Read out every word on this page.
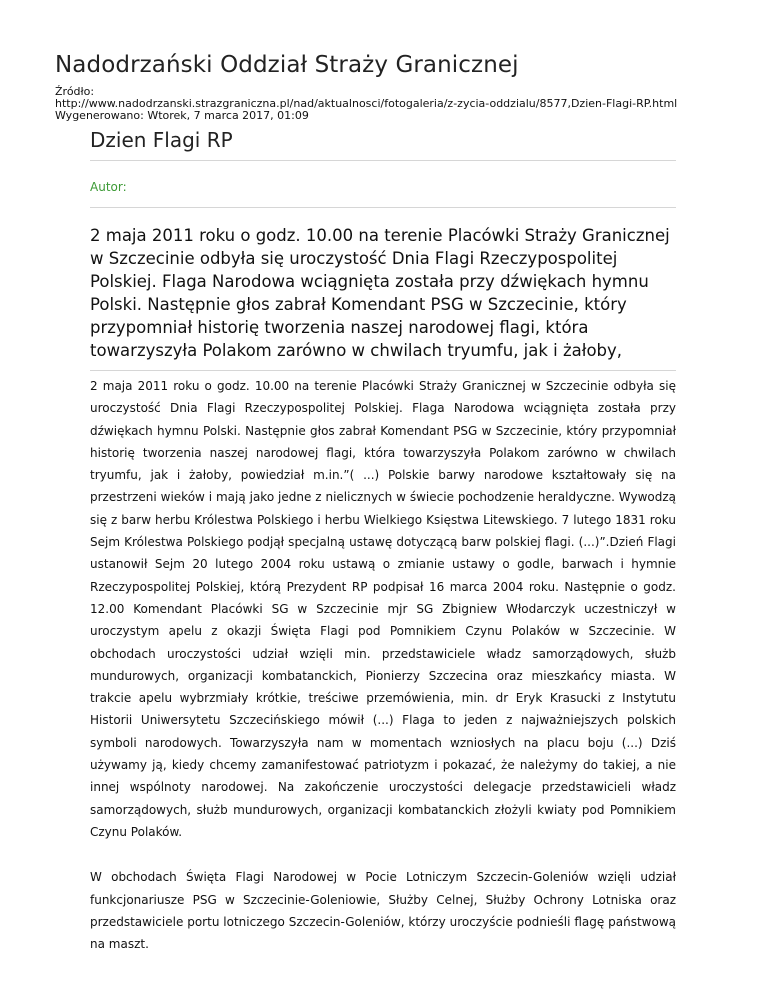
Nadodrzański Oddział Straży Granicznej
Źródło:
http://www.nadodrzanski.strazgraniczna.pl/nad/aktualnosci/fotogaleria/z-zycia-oddzialu/8577,Dzien-Flagi-RP.html
Wygenerowano: Wtorek, 7 marca 2017, 01:09
Dzien Flagi RP
Autor:
2 maja 2011 roku o godz. 10.00 na terenie Placówki Straży Granicznej w Szczecinie odbyła się uroczystość Dnia Flagi Rzeczypospolitej Polskiej. Flaga Narodowa wciągnięta została przy dźwiękach hymnu Polski. Następnie głos zabrał Komendant PSG w Szczecinie, który przypomniał historię tworzenia naszej narodowej flagi, która towarzyszyła Polakom zarówno w chwilach tryumfu, jak i żałoby,

2 maja 2011 roku o godz. 10.00 na terenie Placówki Straży Granicznej w Szczecinie odbyła się uroczystość Dnia Flagi Rzeczypospolitej Polskiej. Flaga Narodowa wciągnięta została przy dźwiękach hymnu Polski. Następnie głos zabrał Komendant PSG w Szczecinie, który przypomniał historię tworzenia naszej narodowej flagi, która towarzyszyła Polakom zarówno w chwilach tryumfu, jak i żałoby, powiedział m.in.”( ...) Polskie barwy narodowe kształtowały się na przestrzeni wieków i mają jako jedne z nielicznych w świecie pochodzenie heraldyczne. Wywodzą się z barw herbu Królestwa Polskiego i herbu Wielkiego Księstwa Litewskiego. 7 lutego 1831 roku Sejm Królestwa Polskiego podjął specjalną ustawę dotyczącą barw polskiej flagi. (...)”.Dzień Flagi ustanowił Sejm 20 lutego 2004 roku ustawą o zmianie ustawy o godle, barwach i hymnie Rzeczypospolitej Polskiej, którą Prezydent RP podpisał 16 marca 2004 roku. Następnie o godz. 12.00 Komendant Placówki SG w Szczecinie mjr SG Zbigniew Włodarczyk uczestniczył w uroczystym apelu z okazji Święta Flagi pod Pomnikiem Czynu Polaków w Szczecinie. W obchodach uroczystości udział wzięli min. przedstawiciele władz samorządowych, służb mundurowych, organizacji kombatanckich, Pionierzy Szczecina oraz mieszkańcy miasta. W trakcie apelu wybrzmiały krótkie, treściwe przemówienia, min. dr Eryk Krasucki z Instytutu Historii Uniwersytetu Szczecińskiego mówił (...) Flaga to jeden z najważniejszych polskich symboli narodowych. Towarzyszyła nam w momentach wzniosłych na placu boju (...) Dziś używamy ją, kiedy chcemy zamanifestować patriotyzm i pokazać, że należymy do takiej, a nie innej wspólnoty narodowej. Na zakończenie uroczystości delegacje przedstawicieli władz samorządowych, służb mundurowych, organizacji kombatanckich złożyli kwiaty pod Pomnikiem Czynu Polaków.

W obchodach Święta Flagi Narodowej w Pocie Lotniczym Szczecin-Goleniów wzięli udział funkcjonariusze PSG w Szczecinie-Goleniowie, Służby Celnej, Służby Ochrony Lotniska oraz przedstawiciele portu lotniczego Szczecin-Goleniów, którzy uroczyście podnieśli flagę państwową na maszt.
